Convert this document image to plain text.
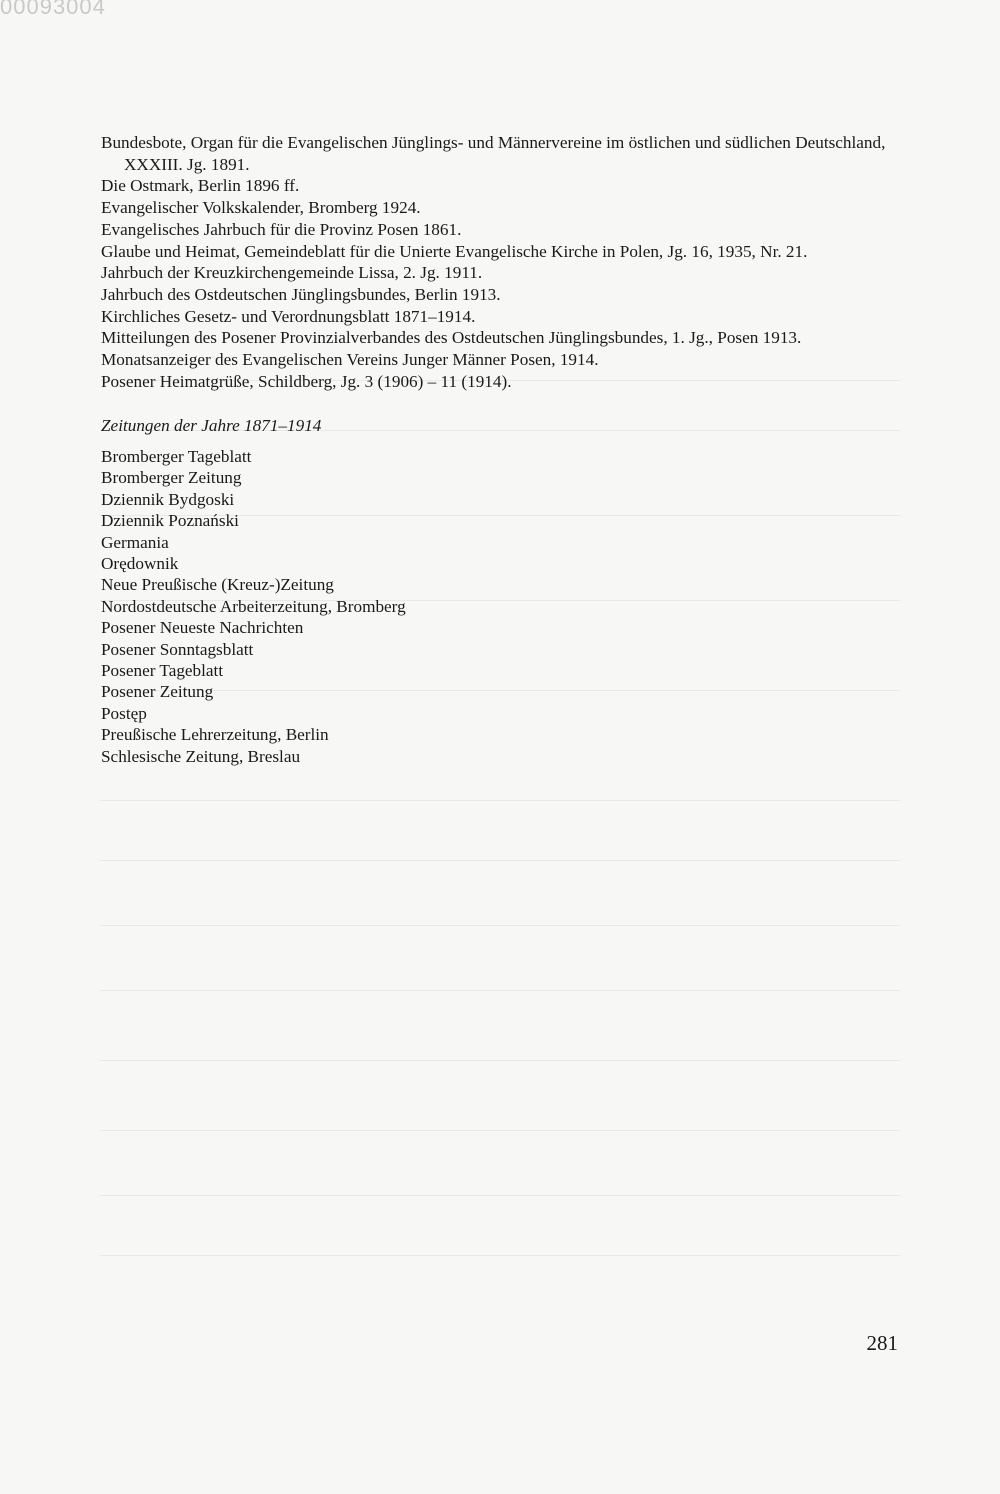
00093004
Bundesbote, Organ für die Evangelischen Jünglings- und Männervereine im östlichen und südlichen Deutschland, XXXIII. Jg. 1891.
Die Ostmark, Berlin 1896 ff.
Evangelischer Volkskalender, Bromberg 1924.
Evangelisches Jahrbuch für die Provinz Posen 1861.
Glaube und Heimat, Gemeindeblatt für die Unierte Evangelische Kirche in Polen, Jg. 16, 1935, Nr. 21.
Jahrbuch der Kreuzkirchengemeinde Lissa, 2. Jg. 1911.
Jahrbuch des Ostdeutschen Jünglingsbundes, Berlin 1913.
Kirchliches Gesetz- und Verordnungsblatt 1871–1914.
Mitteilungen des Posener Provinzialverbandes des Ostdeutschen Jünglingsbundes, 1. Jg., Posen 1913.
Monatsanzeiger des Evangelischen Vereins Junger Männer Posen, 1914.
Posener Heimatgrüße, Schildberg, Jg. 3 (1906) – 11 (1914).
Zeitungen der Jahre 1871–1914
Bromberger Tageblatt
Bromberger Zeitung
Dziennik Bydgoski
Dziennik Poznański
Germania
Orędownik
Neue Preußische (Kreuz-)Zeitung
Nordostdeutsche Arbeiterzeitung, Bromberg
Posener Neueste Nachrichten
Posener Sonntagsblatt
Posener Tageblatt
Posener Zeitung
Postęp
Preußische Lehrerzeitung, Berlin
Schlesische Zeitung, Breslau
281
